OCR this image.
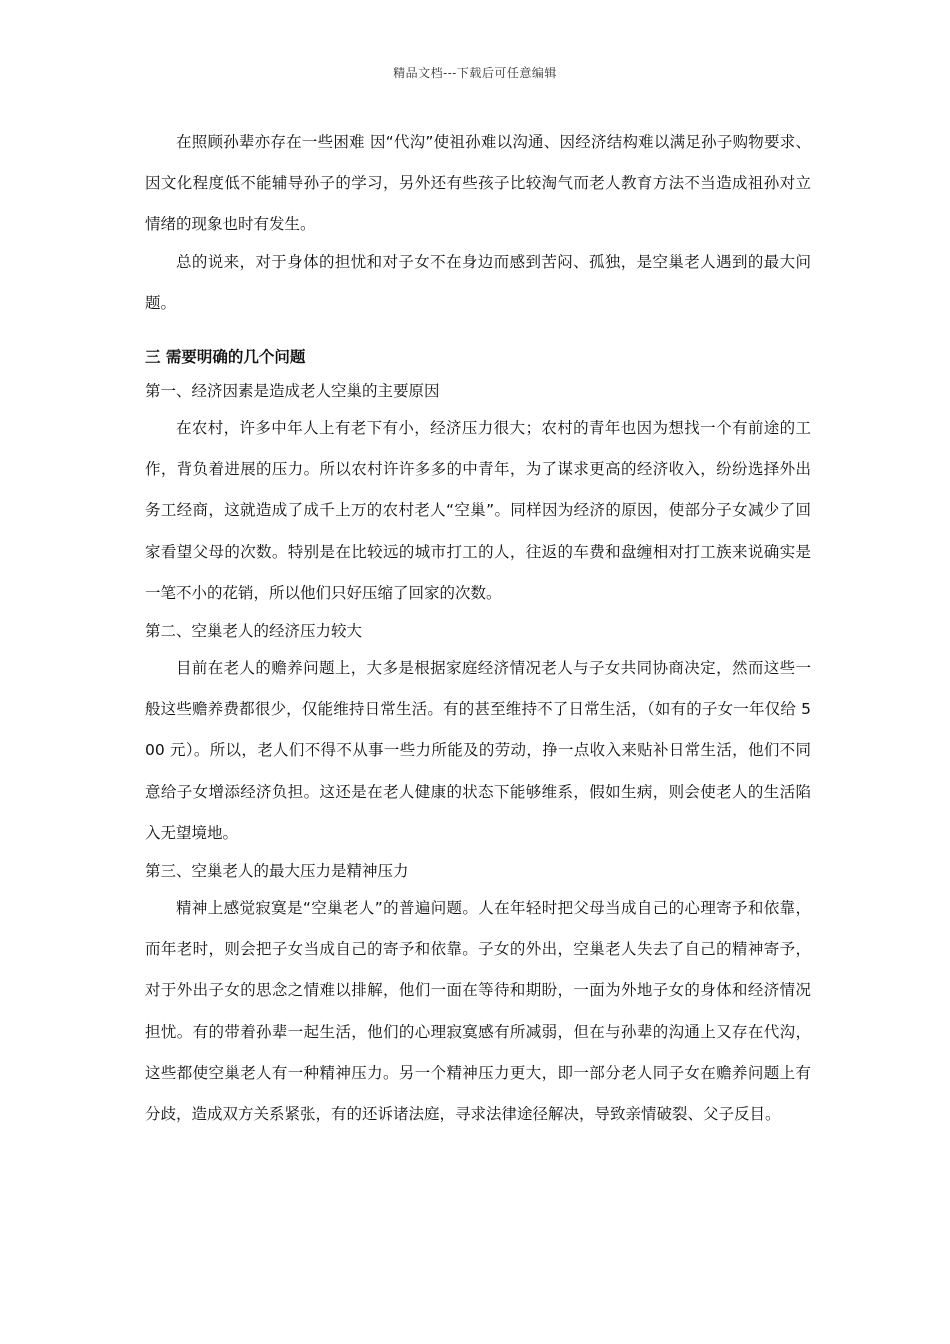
精品文档---下载后可任意编辑

在照顾孙辈亦存在一些困难 因“代沟”使祖孙难以沟通、因经济结构难以满足孙子购物要求、因文化程度低不能辅导孙子的学习，另外还有些孩子比较淘气而老人教育方法不当造成祖孙对立情绪的现象也时有发生。

总的说来，对于身体的担忧和对子女不在身边而感到苦闷、孤独，是空巢老人遇到的最大问题。

三 需要明确的几个问题

第一、经济因素是造成老人空巢的主要原因

在农村，许多中年人上有老下有小，经济压力很大；农村的青年也因为想找一个有前途的工作，背负着进展的压力。所以农村许许多多的中青年，为了谋求更高的经济收入，纷纷选择外出务工经商，这就造成了成千上万的农村老人“空巢”。同样因为经济的原因，使部分子女减少了回家看望父母的次数。特别是在比较远的城市打工的人，往返的车费和盘缠相对打工族来说确实是一笔不小的花销，所以他们只好压缩了回家的次数。

第二、空巢老人的经济压力较大

目前在老人的赡养问题上，大多是根据家庭经济情况老人与子女共同协商决定，然而这些一般这些赡养费都很少，仅能维持日常生活。有的甚至维持不了日常生活，（如有的子女一年仅给 500 元）。所以，老人们不得不从事一些力所能及的劳动，挣一点收入来贴补日常生活，他们不同意给子女增添经济负担。这还是在老人健康的状态下能够维系，假如生病，则会使老人的生活陷入无望境地。

第三、空巢老人的最大压力是精神压力

精神上感觉寂寞是“空巢老人”的普遍问题。人在年轻时把父母当成自己的心理寄予和依靠，而年老时，则会把子女当成自己的寄予和依靠。子女的外出，空巢老人失去了自己的精神寄予，对于外出子女的思念之情难以排解，他们一面在等待和期盼，一面为外地子女的身体和经济情况担忧。有的带着孙辈一起生活，他们的心理寂寞感有所减弱，但在与孙辈的沟通上又存在代沟，这些都使空巢老人有一种精神压力。另一个精神压力更大，即一部分老人同子女在赡养问题上有分歧，造成双方关系紧张，有的还诉诸法庭，寻求法律途径解决，导致亲情破裂、父子反目。
